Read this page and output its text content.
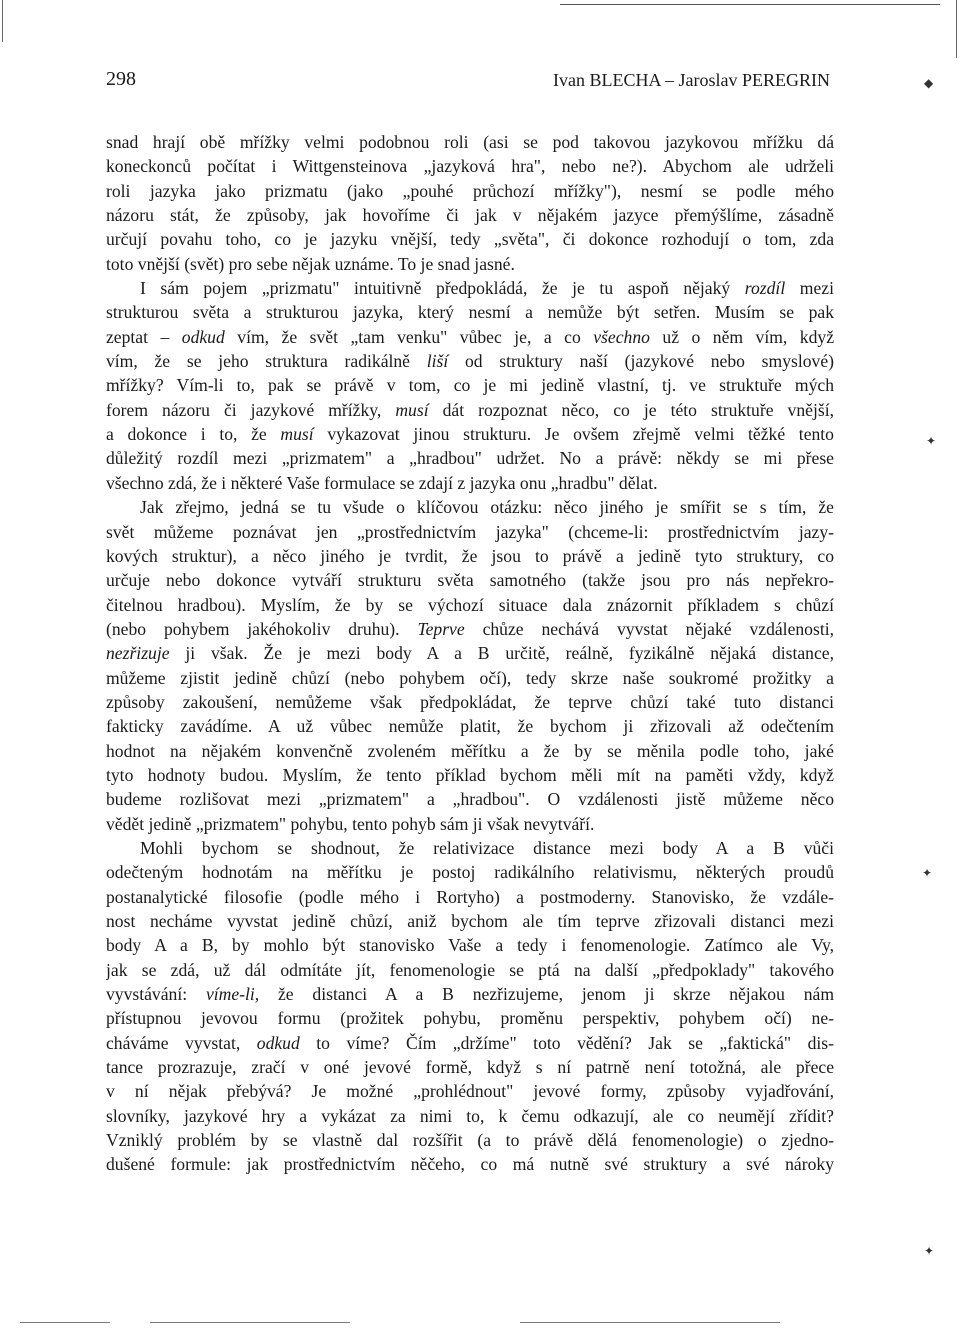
298	Ivan BLECHA – Jaroslav PEREGRIN
snad hrají obě mřížky velmi podobnou roli (asi se pod takovou jazykovou mřížku dá
koneckonců počítat i Wittgensteinova „jazyková hra", nebo ne?). Abychom ale udrželi
roli jazyka jako prizmatu (jako „pouhé průchozí mřížky"), nesmí se podle mého
názoru stát, že způsoby, jak hovoříme či jak v nějakém jazyce přemýšlíme, zásadně
určují povahu toho, co je jazyku vnější, tedy „světa", či dokonce rozhodují o tom, zda
toto vnější (svět) pro sebe nějak uznáme. To je snad jasné.
I sám pojem „prizmatu" intuitivně předpokládá, že je tu aspoň nějaký rozdíl mezi
strukturou světa a strukturou jazyka, který nesmí a nemůže být setřen. Musím se pak
zeptat – odkud vím, že svět „tam venku" vůbec je, a co všechno už o něm vím, když
vím, že se jeho struktura radikálně liší od struktury naší (jazykové nebo smyslové)
mřížky? Vím-li to, pak se právě v tom, co je mi jedině vlastní, tj. ve struktuře mých
forem názoru či jazykové mřížky, musí dát rozpoznat něco, co je této struktuře vnější,
a dokonce i to, že musí vykazovat jinou strukturu. Je ovšem zřejmě velmi těžké tento
důležitý rozdíl mezi „prizmatem" a „hradbou" udržet. No a právě: někdy se mi přese
všechno zdá, že i některé Vaše formulace se zdají z jazyka onu „hradbu" dělat.
Jak zřejmo, jedná se tu všude o klíčovou otázku: něco jiného je smířit se s tím, že
svět můžeme poznávat jen „prostřednictvím jazyka" (chceme-li: prostřednictvím jazy-
kových struktur), a něco jiného je tvrdit, že jsou to právě a jedině tyto struktury, co
určuje nebo dokonce vytváří strukturu světa samotného (takže jsou pro nás nepřekro-
čitelnou hradbou). Myslím, že by se výchozí situace dala znázornit příkladem s chůzí
(nebo pohybem jakéhokoliv druhu). Teprve chůze nechává vyvstat nějaké vzdálenosti,
nezřizuje ji však. Že je mezi body A a B určitě, reálně, fyzikálně nějaká distance,
můžeme zjistit jedině chůzí (nebo pohybem očí), tedy skrze naše soukromé prožitky a
způsoby zakoušení, nemůžeme však předpokládat, že teprve chůzí také tuto distanci
fakticky zavádíme. A už vůbec nemůže platit, že bychom ji zřizovali až odečtením
hodnot na nějakém konvenčně zvoleném měřítku a že by se měnila podle toho, jaké
tyto hodnoty budou. Myslím, že tento příklad bychom měli mít na paměti vždy, když
budeme rozlišovat mezi „prizmatem" a „hradbou". O vzdálenosti jistě můžeme něco
vědět jedině „prizmatem" pohybu, tento pohyb sám ji však nevytváří.
Mohli bychom se shodnout, že relativizace distance mezi body A a B vůči
odečteným hodnotám na měřítku je postoj radikálního relativismu, některých proudů
postanalytické filosofie (podle mého i Rortyho) a postmoderny. Stanovisko, že vzdále-
nost necháme vyvstat jedině chůzí, aniž bychom ale tím teprve zřizovali distanci mezi
body A a B, by mohlo být stanovisko Vaše a tedy i fenomenologie. Zatímco ale Vy,
jak se zdá, už dál odmítáte jít, fenomenologie se ptá na další „předpoklady" takového
vyvstávání: víme-li, že distanci A a B nezřizujeme, jenom ji skrze nějakou nám
přístupnou jevovou formu (prožitek pohybu, proměnu perspektiv, pohybem očí) ne-
cháváme vyvstat, odkud to víme? Čím „držíme" toto vědění? Jak se „faktická" dis-
tance prozrazuje, zračí v oné jevové formě, když s ní patrně není totožná, ale přece
v ní nějak přebývá? Je možné „prohlédnout" jevové formy, způsoby vyjadřování,
slovníky, jazykové hry a vykázat za nimi to, k čemu odkazují, ale co neumějí zřídit?
Vzniklý problém by se vlastně dal rozšířit (a to právě dělá fenomenologie) o zjedno-
dušené formule: jak prostřednictvím něčeho, co má nutně své struktury a své nároky
◆
✦
✦
✦
